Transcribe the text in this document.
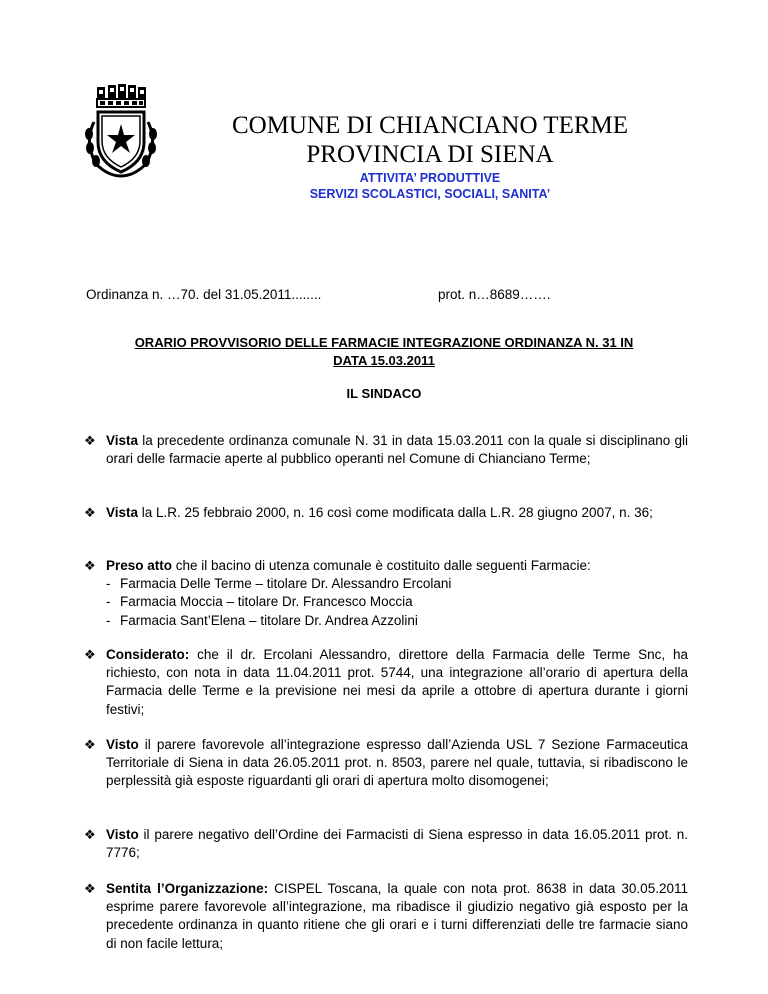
COMUNE DI CHIANCIANO TERME
PROVINCIA DI SIENA
ATTIVITA’ PRODUTTIVE
SERVIZI SCOLASTICI, SOCIALI, SANITA’
Ordinanza n. …70. del 31.05.2011........	prot. n…8689…….
ORARIO PROVVISORIO DELLE FARMACIE INTEGRAZIONE ORDINANZA N. 31 IN
DATA 15.03.2011
IL SINDACO
❖ Vista la precedente ordinanza comunale N. 31 in data 15.03.2011 con la quale si disciplinano gli orari delle farmacie aperte al pubblico operanti nel Comune di Chianciano Terme;
❖ Vista la L.R. 25 febbraio 2000, n. 16 così come modificata dalla L.R. 28 giugno 2007, n. 36;
❖ Preso atto che il bacino di utenza comunale è costituito dalle seguenti Farmacie:
- Farmacia Delle Terme – titolare Dr. Alessandro Ercolani
- Farmacia Moccia – titolare Dr. Francesco Moccia
- Farmacia Sant’Elena – titolare Dr. Andrea Azzolini
❖ Considerato: che il dr. Ercolani Alessandro, direttore della Farmacia delle Terme Snc, ha richiesto, con nota in data 11.04.2011 prot. 5744, una integrazione all’orario di apertura della Farmacia delle Terme e la previsione nei mesi da aprile a ottobre di apertura durante i giorni festivi;
❖ Visto il parere favorevole all’integrazione espresso dall’Azienda USL 7 Sezione Farmaceutica Territoriale di Siena in data 26.05.2011 prot. n. 8503, parere nel quale, tuttavia, si ribadiscono le perplessità già esposte riguardanti gli orari di apertura molto disomogenei;
❖ Visto il parere negativo dell’Ordine dei Farmacisti di Siena espresso in data 16.05.2011 prot. n. 7776;
❖ Sentita l’Organizzazione: CISPEL Toscana, la quale con nota prot. 8638 in data 30.05.2011 esprime parere favorevole all’integrazione, ma ribadisce il giudizio negativo già esposto per la precedente ordinanza in quanto ritiene che gli orari e i turni differenziati delle tre farmacie siano di non facile lettura;
